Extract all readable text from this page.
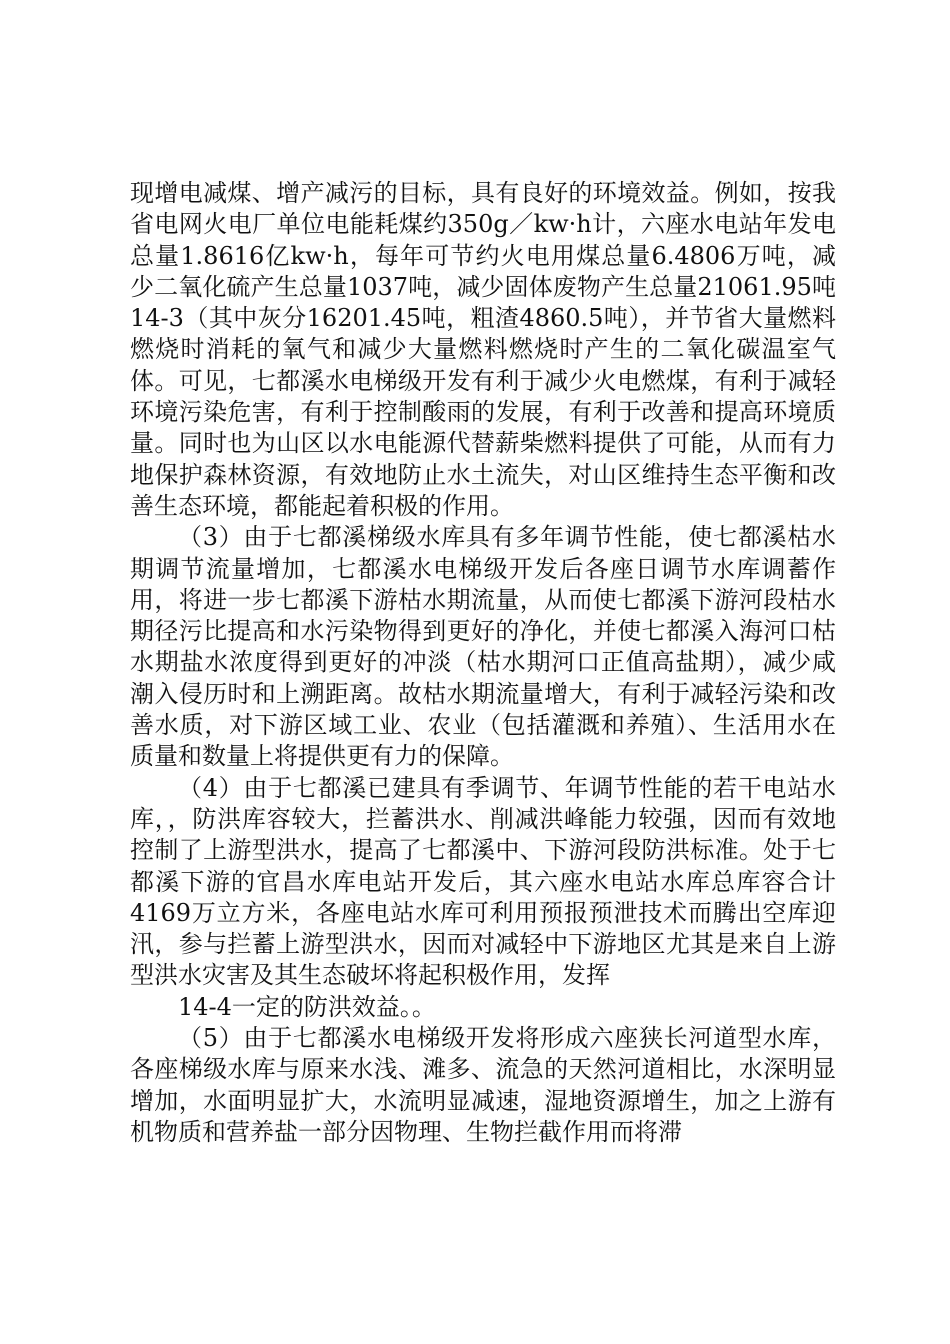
现增电减煤、增产减污的目标，具有良好的环境效益。例如，按我省电网火电厂单位电能耗煤约350g／kw·h计，六座水电站年发电总量1.8616亿kw·h，每年可节约火电用煤总量6.4806万吨，减少二氧化硫产生总量1037吨，减少固体废物产生总量21061.95吨14-3（其中灰分16201.45吨，粗渣4860.5吨），并节省大量燃料燃烧时消耗的氧气和减少大量燃料燃烧时产生的二氧化碳温室气体。可见，七都溪水电梯级开发有利于减少火电燃煤，有利于减轻环境污染危害，有利于控制酸雨的发展，有利于改善和提高环境质量。同时也为山区以水电能源代替薪柴燃料提供了可能，从而有力地保护森林资源，有效地防止水土流失，对山区维持生态平衡和改善生态环境，都能起着积极的作用。

（3）由于七都溪梯级水库具有多年调节性能，使七都溪枯水期调节流量增加，七都溪水电梯级开发后各座日调节水库调蓄作用，将进一步七都溪下游枯水期流量，从而使七都溪下游河段枯水期径污比提高和水污染物得到更好的净化，并使七都溪入海河口枯水期盐水浓度得到更好的冲淡（枯水期河口正值高盐期），减少咸潮入侵历时和上溯距离。故枯水期流量增大，有利于减轻污染和改善水质，对下游区域工业、农业（包括灌溉和养殖）、生活用水在质量和数量上将提供更有力的保障。

（4）由于七都溪已建具有季调节、年调节性能的若干电站水库，，防洪库容较大，拦蓄洪水、削减洪峰能力较强，因而有效地控制了上游型洪水，提高了七都溪中、下游河段防洪标准。处于七都溪下游的官昌水库电站开发后，其六座水电站水库总库容合计4169万立方米，各座电站水库可利用预报预泄技术而腾出空库迎汛，参与拦蓄上游型洪水，因而对减轻中下游地区尤其是来自上游型洪水灾害及其生态破坏将起积极作用，发挥

14-4一定的防洪效益。。

（5）由于七都溪水电梯级开发将形成六座狭长河道型水库，各座梯级水库与原来水浅、滩多、流急的天然河道相比，水深明显增加，水面明显扩大，水流明显减速，湿地资源增生，加之上游有机物质和营养盐一部分因物理、生物拦截作用而将滞
